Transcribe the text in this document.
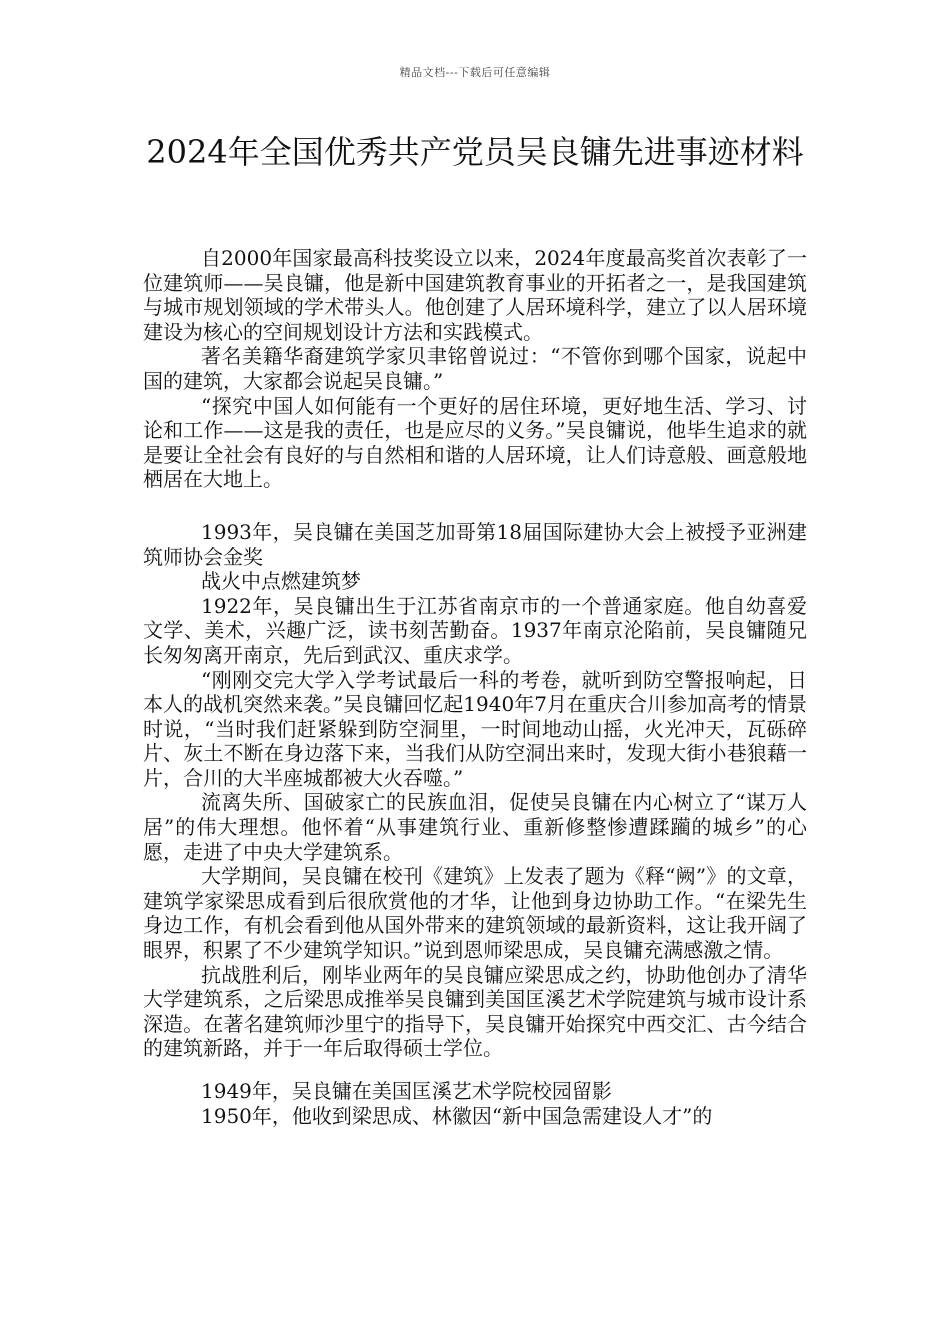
精品文档---下载后可任意编辑
2024年全国优秀共产党员吴良镛先进事迹材料

自2000年国家最高科技奖设立以来，2024年度最高奖首次表彰了一位建筑师——吴良镛，他是新中国建筑教育事业的开拓者之一，是我国建筑与城市规划领域的学术带头人。他创建了人居环境科学，建立了以人居环境建设为核心的空间规划设计方法和实践模式。

著名美籍华裔建筑学家贝聿铭曾说过：“不管你到哪个国家，说起中国的建筑，大家都会说起吴良镛。”

“探究中国人如何能有一个更好的居住环境，更好地生活、学习、讨论和工作——这是我的责任，也是应尽的义务。”吴良镛说，他毕生追求的就是要让全社会有良好的与自然相和谐的人居环境，让人们诗意般、画意般地栖居在大地上。

1993年，吴良镛在美国芝加哥第18届国际建协大会上被授予亚洲建筑师协会金奖

战火中点燃建筑梦

1922年，吴良镛出生于江苏省南京市的一个普通家庭。他自幼喜爱文学、美术，兴趣广泛，读书刻苦勤奋。1937年南京沦陷前，吴良镛随兄长匆匆离开南京，先后到武汉、重庆求学。

“刚刚交完大学入学考试最后一科的考卷，就听到防空警报响起，日本人的战机突然来袭。”吴良镛回忆起1940年7月在重庆合川参加高考的情景时说，“当时我们赶紧躲到防空洞里，一时间地动山摇，火光冲天，瓦砾碎片、灰土不断在身边落下来，当我们从防空洞出来时，发现大街小巷狼藉一片，合川的大半座城都被大火吞噬。”

流离失所、国破家亡的民族血泪，促使吴良镛在内心树立了“谋万人居”的伟大理想。他怀着“从事建筑行业、重新修整惨遭蹂躏的城乡”的心愿，走进了中央大学建筑系。

大学期间，吴良镛在校刊《建筑》上发表了题为《释“阙”》的文章，建筑学家梁思成看到后很欣赏他的才华，让他到身边协助工作。“在梁先生身边工作，有机会看到他从国外带来的建筑领域的最新资料，这让我开阔了眼界，积累了不少建筑学知识。”说到恩师梁思成，吴良镛充满感激之情。

抗战胜利后，刚毕业两年的吴良镛应梁思成之约，协助他创办了清华大学建筑系，之后梁思成推举吴良镛到美国匡溪艺术学院建筑与城市设计系深造。在著名建筑师沙里宁的指导下，吴良镛开始探究中西交汇、古今结合的建筑新路，并于一年后取得硕士学位。

1949年，吴良镛在美国匡溪艺术学院校园留影

1950年，他收到梁思成、林徽因“新中国急需建设人才”的
